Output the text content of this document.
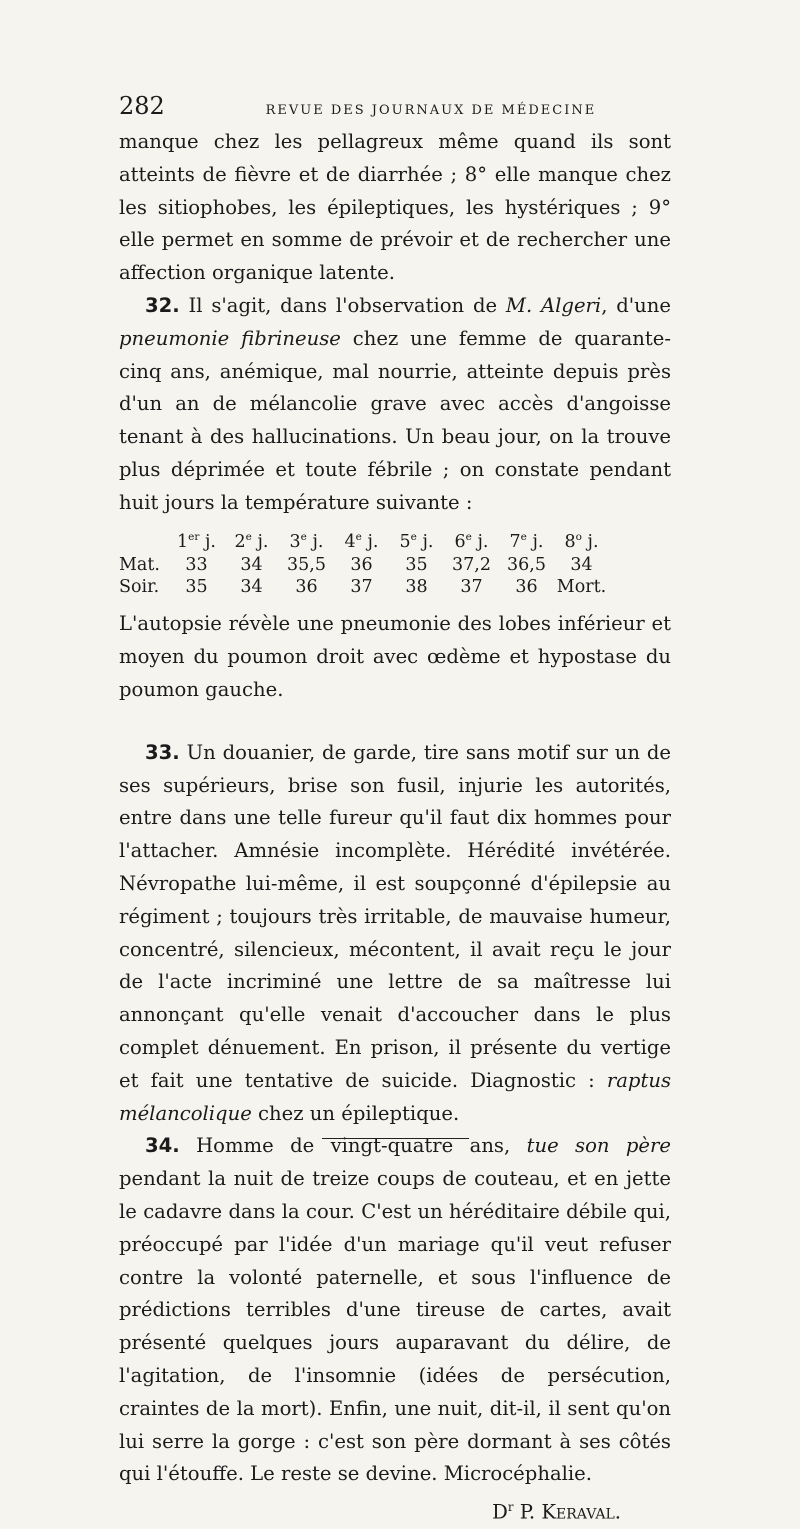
282	REVUE DES JOURNAUX DE MÉDECINE

manque chez les pellagreux même quand ils sont atteints de fièvre et de diarrhée ; 8° elle manque chez les sitiophobes, les épileptiques, les hystériques ; 9° elle permet en somme de prévoir et de rechercher une affection organique latente.

32. Il s'agit, dans l'observation de M. Algeri, d'une pneumonie fibrineuse chez une femme de quarante-cinq ans, anémique, mal nourrie, atteinte depuis près d'un an de mélancolie grave avec accès d'angoisse tenant à des hallucinations. Un beau jour, on la trouve plus déprimée et toute fébrile ; on constate pendant huit jours la température suivante :

	1er j.	2e j.	3e j.	4e j.	5e j.	6e j.	7e j.	8$^o$ j.
Mat.	33	34	35,5	36	35	37,2	36,5	34
Soir.	35	34	36	37	38	37	36	Mort.

L'autopsie révèle une pneumonie des lobes inférieur et moyen du poumon droit avec œdème et hypostase du poumon gauche.

33. Un douanier, de garde, tire sans motif sur un de ses supérieurs, brise son fusil, injurie les autorités, entre dans une telle fureur qu'il faut dix hommes pour l'attacher. Amnésie incomplète. Hérédité invétérée. Névropathe lui-même, il est soupçonné d'épilepsie au régiment ; toujours très irritable, de mauvaise humeur, concentré, silencieux, mécontent, il avait reçu le jour de l'acte incriminé une lettre de sa maîtresse lui annonçant qu'elle venait d'accoucher dans le plus complet dénuement. En prison, il présente du vertige et fait une tentative de suicide. Diagnostic : raptus mélancolique chez un épileptique.

34. Homme de vingt-quatre ans, tue son père pendant la nuit de treize coups de couteau, et en jette le cadavre dans la cour. C'est un héréditaire débile qui, préoccupé par l'idée d'un mariage qu'il veut refuser contre la volonté paternelle, et sous l'influence de prédictions terribles d'une tireuse de cartes, avait présenté quelques jours auparavant du délire, de l'agitation, de l'insomnie (idées de persécution, craintes de la mort). Enfin, une nuit, dit-il, il sent qu'on lui serre la gorge : c'est son père dormant à ses côtés qui l'étouffe. Le reste se devine. Microcéphalie.

$D^r$ P. Keraval.
